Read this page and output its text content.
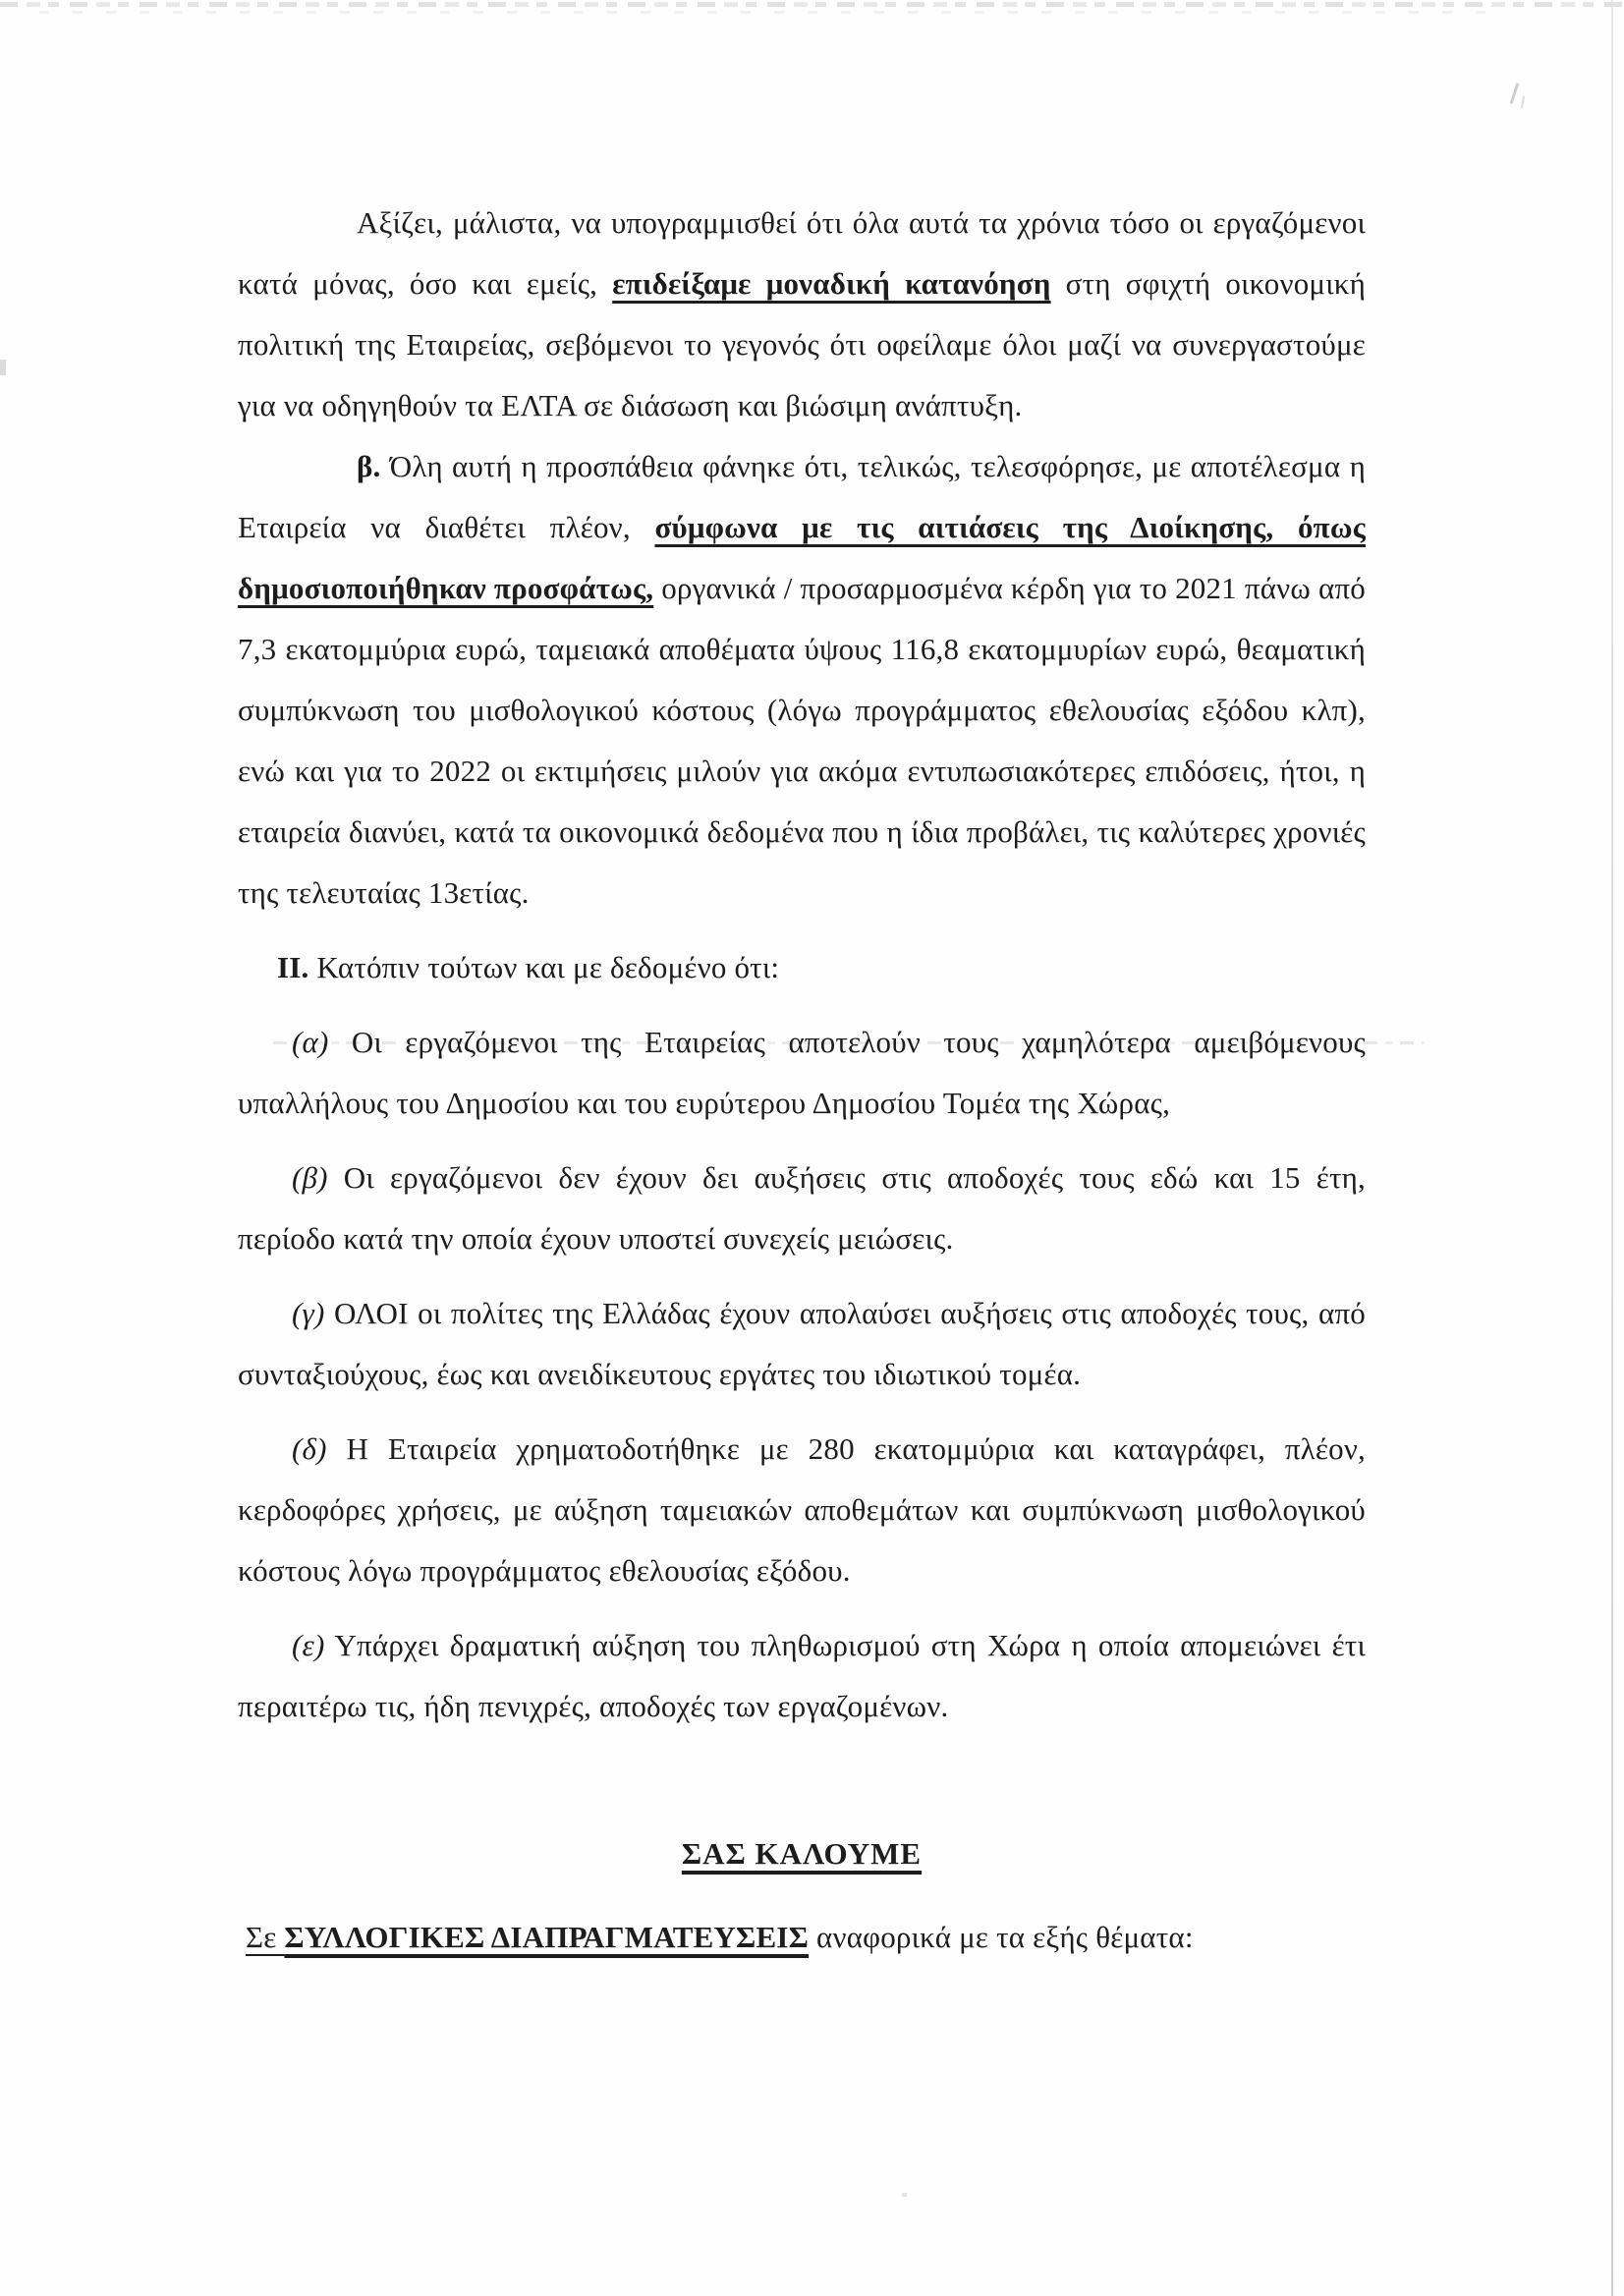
Αξίζει, μάλιστα, να υπογραμμισθεί ότι όλα αυτά τα χρόνια τόσο οι εργαζόμενοι κατά μόνας, όσο και εμείς, επιδείξαμε μοναδική κατανόηση στη σφιχτή οικονομική πολιτική της Εταιρείας, σεβόμενοι το γεγονός ότι οφείλαμε όλοι μαζί να συνεργαστούμε για να οδηγηθούν τα ΕΛΤΑ σε διάσωση και βιώσιμη ανάπτυξη.

β. Όλη αυτή η προσπάθεια φάνηκε ότι, τελικώς, τελεσφόρησε, με αποτέλεσμα η Εταιρεία να διαθέτει πλέον, σύμφωνα με τις αιτιάσεις της Διοίκησης, όπως δημοσιοποιήθηκαν προσφάτως, οργανικά / προσαρμοσμένα κέρδη για το 2021 πάνω από 7,3 εκατομμύρια ευρώ, ταμειακά αποθέματα ύψους 116,8 εκατομμυρίων ευρώ, θεαματική συμπύκνωση του μισθολογικού κόστους (λόγω προγράμματος εθελουσίας εξόδου κλπ), ενώ και για το 2022 οι εκτιμήσεις μιλούν για ακόμα εντυπωσιακότερες επιδόσεις, ήτοι, η εταιρεία διανύει, κατά τα οικονομικά δεδομένα που η ίδια προβάλει, τις καλύτερες χρονιές της τελευταίας 13ετίας.

II. Κατόπιν τούτων και με δεδομένο ότι:

(α) Οι εργαζόμενοι της Εταιρείας αποτελούν τους χαμηλότερα αμειβόμενους υπαλλήλους του Δημοσίου και του ευρύτερου Δημοσίου Τομέα της Χώρας,

(β) Οι εργαζόμενοι δεν έχουν δει αυξήσεις στις αποδοχές τους εδώ και 15 έτη, περίοδο κατά την οποία έχουν υποστεί συνεχείς μειώσεις.

(γ) ΟΛΟΙ οι πολίτες της Ελλάδας έχουν απολαύσει αυξήσεις στις αποδοχές τους, από συνταξιούχους, έως και ανειδίκευτους εργάτες του ιδιωτικού τομέα.

(δ) Η Εταιρεία χρηματοδοτήθηκε με 280 εκατομμύρια και καταγράφει, πλέον, κερδοφόρες χρήσεις, με αύξηση ταμειακών αποθεμάτων και συμπύκνωση μισθολογικού κόστους λόγω προγράμματος εθελουσίας εξόδου.

(ε) Υπάρχει δραματική αύξηση του πληθωρισμού στη Χώρα η οποία απομειώνει έτι περαιτέρω τις, ήδη πενιχρές, αποδοχές των εργαζομένων.

ΣΑΣ ΚΑΛΟΥΜΕ

Σε ΣΥΛΛΟΓΙΚΕΣ ΔΙΑΠΡΑΓΜΑΤΕΥΣΕΙΣ αναφορικά με τα εξής θέματα:
